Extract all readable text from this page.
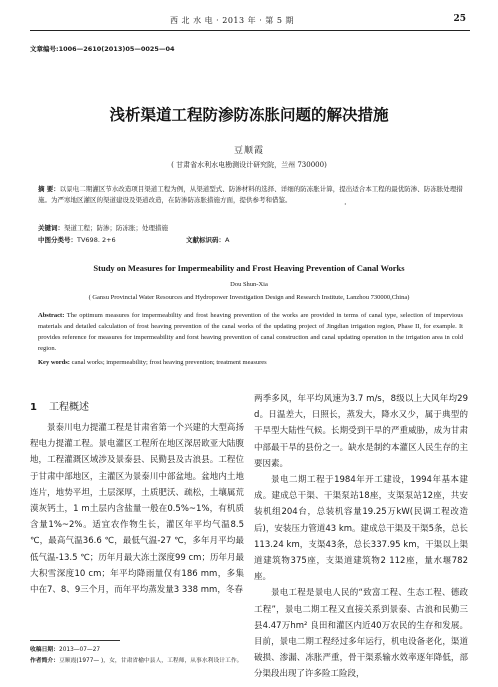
西 北 水 电 · 2013 年 · 第 5 期	25
文章编号:1006—2610(2013)05—0025—04
浅析渠道工程防渗防冻胀问题的解决措施
豆顺霞
( 甘肃省水利水电勘测设计研究院，兰州 730000)
摘 要：以景电二期灌区节水改造项目渠道工程为例，从渠道型式、防渗材料的选择、详细的防冻胀计算，提出适合本工程的最优防渗、防冻胀处理措施。为严寒地区灌区的渠道建设及渠道改造，在防渗防冻胀措施方面，提供参考和借鉴。	·
关键词：渠道工程；防渗；防冻胀；处理措施
中图分类号：TV698. 2+6	文献标识码：A
Study on Measures for Impermeability and Frost Heaving Prevention of Canal Works
Dou Shun-Xia
( Gansu Provincial Water Resources and Hydropower Investigation Design and Research Institute, Lanzhou 730000,China)
Abstract: The optimum measures for impermeability and frost heaving prevention of the works are provided in terms of canal type, selection of impervious materials and detailed calculation of frost heaving prevention of the canal works of the updating project of Jingdian irrigation region, Phase II, for example. It provides reference for measures for impermeability and forst heaving prevention of canal construction and canal updating operation in the irrigation area in cold region.
Key words: canal works; impermeability; frost heaving prevention; treatment measures
1 工程概述

景泰川电力提灌工程是甘肃省第一个兴建的大型高扬程电力提灌工程。景电灌区工程所在地区深居欧亚大陆腹地，工程灌溉区域涉及景泰县、民勤县及古浪县。工程位于甘肃中部地区，主灌区为景泰川中部盆地。盆地内土地连片，地势平坦，土层深厚，土质肥沃、疏松，土壤属荒漠灰钙土，1 m土层内含盐量一般在0.5%~1%，有机质含量1%~2%。适宜农作物生长，灌区年平均气温8.5 ℃，最高气温36.6 ℃，最低气温-27 ℃，多年月平均最低气温-13.5 ℃；历年月最大冻土深度99 cm；历年月最大积雪深度10 cm；年平均降雨量仅有186 mm，多集中在7、8、9三个月，而年平均蒸发量3 338 mm，冬春

两季多风，年平均风速为3.7 m/s，8级以上大风年均29 d。日温差大，日照长，蒸发大，降水又少，属于典型的干旱型大陆性气候。长期受到干旱的严重威胁，成为甘肃中部最干旱的县份之一。缺水是制约本灌区人民生存的主要因素。

景电二期工程于1984年开工建设，1994年基本建成。建成总干渠、干渠泵站18座，支渠泵站12座，共安装机组204台，总装机容量19.25万kW(民调工程改造后)，安装压力管道43 km。建成总干渠及干渠5条，总长113.24 km，支渠43条，总长337.95 km，干渠以上渠道建筑物375座，支渠道建筑物2 112座，量水堰782座。

景电工程是景电人民的“致富工程、生态工程、德政工程”，景电二期工程又直接关系到景泰、古浪和民勤三县4.47万hm² 良田和灌区内近40万农民的生存和发展。目前，景电二期工程经过多年运行，机电设备老化，渠道破损、渗漏、冻胀严重，骨干渠系输水效率逐年降低，部分渠段出现了许多险工险段，

收稿日期：2013—07—27
作者简介：豆顺霞(1977— )，女，甘肃省榆中县人，工程师，从事水利设计工作。
